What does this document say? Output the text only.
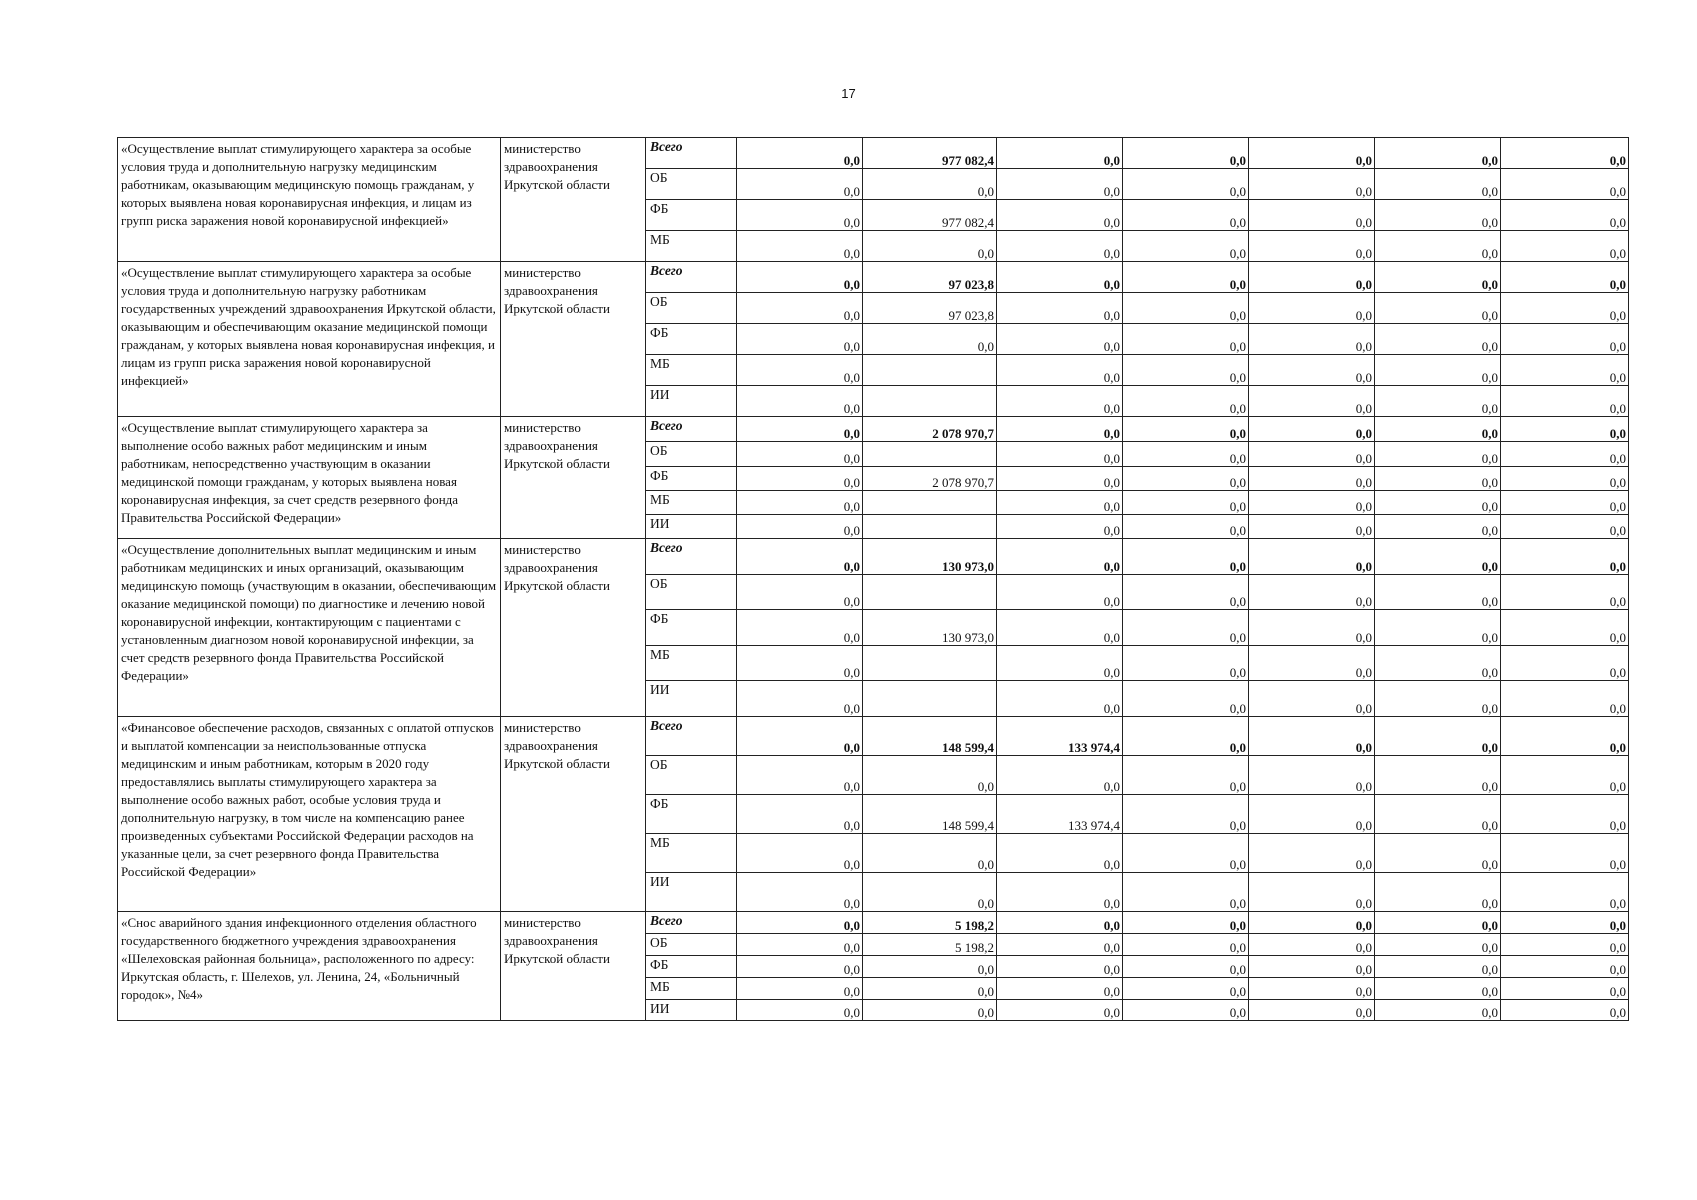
17
«Осуществление выплат стимулирующего характера за особые условия труда и дополнительную нагрузку медицинским работникам, оказывающим медицинскую помощь гражданам, у которых выявлена новая коронавирусная инфекция, и лицам из групп риска заражения новой коронавирусной инфекцией»	министерство здравоохранения Иркутской области	Всего	0,0	977 082,4	0,0	0,0	0,0	0,0	0,0
		ОБ	0,0	0,0	0,0	0,0	0,0	0,0	0,0
		ФБ	0,0	977 082,4	0,0	0,0	0,0	0,0	0,0
		МБ	0,0	0,0	0,0	0,0	0,0	0,0	0,0
«Осуществление выплат стимулирующего характера за особые условия труда и дополнительную нагрузку работникам государственных учреждений здравоохранения Иркутской области, оказывающим и обеспечивающим оказание медицинской помощи гражданам, у которых выявлена новая коронавирусная инфекция, и лицам из групп риска заражения новой коронавирусной инфекцией»	министерство здравоохранения Иркутской области	Всего	0,0	97 023,8	0,0	0,0	0,0	0,0	0,0
		ОБ	0,0	97 023,8	0,0	0,0	0,0	0,0	0,0
		ФБ	0,0	0,0	0,0	0,0	0,0	0,0	0,0
		МБ	0,0		0,0	0,0	0,0	0,0	0,0
		ИИ	0,0		0,0	0,0	0,0	0,0	0,0
«Осуществление выплат стимулирующего характера за выполнение особо важных работ медицинским и иным работникам, непосредственно участвующим в оказании медицинской помощи гражданам, у которых выявлена новая коронавирусная инфекция, за счет средств резервного фонда Правительства Российской Федерации»	министерство здравоохранения Иркутской области	Всего	0,0	2 078 970,7	0,0	0,0	0,0	0,0	0,0
		ОБ	0,0		0,0	0,0	0,0	0,0	0,0
		ФБ	0,0	2 078 970,7	0,0	0,0	0,0	0,0	0,0
		МБ	0,0		0,0	0,0	0,0	0,0	0,0
		ИИ	0,0		0,0	0,0	0,0	0,0	0,0
«Осуществление дополнительных выплат медицинским и иным работникам медицинских и иных организаций, оказывающим медицинскую помощь (участвующим в оказании, обеспечивающим оказание медицинской помощи) по диагностике и лечению новой коронавирусной инфекции, контактирующим с пациентами с установленным диагнозом новой коронавирусной инфекции, за счет средств резервного фонда Правительства Российской Федерации»	министерство здравоохранения Иркутской области	Всего	0,0	130 973,0	0,0	0,0	0,0	0,0	0,0
		ОБ	0,0		0,0	0,0	0,0	0,0	0,0
		ФБ	0,0	130 973,0	0,0	0,0	0,0	0,0	0,0
		МБ	0,0		0,0	0,0	0,0	0,0	0,0
		ИИ	0,0		0,0	0,0	0,0	0,0	0,0
«Финансовое обеспечение расходов, связанных с оплатой отпусков и выплатой компенсации за неиспользованные отпуска медицинским и иным работникам, которым в 2020 году предоставлялись выплаты стимулирующего характера за выполнение особо важных работ, особые условия труда и дополнительную нагрузку, в том числе на компенсацию ранее произведенных субъектами Российской Федерации расходов на указанные цели, за счет резервного фонда Правительства Российской Федерации»	министерство здравоохранения Иркутской области	Всего	0,0	148 599,4	133 974,4	0,0	0,0	0,0	0,0
		ОБ	0,0	0,0	0,0	0,0	0,0	0,0	0,0
		ФБ	0,0	148 599,4	133 974,4	0,0	0,0	0,0	0,0
		МБ	0,0	0,0	0,0	0,0	0,0	0,0	0,0
		ИИ	0,0	0,0	0,0	0,0	0,0	0,0	0,0
«Снос аварийного здания инфекционного отделения областного государственного бюджетного учреждения здравоохранения «Шелеховская районная больница», расположенного по адресу: Иркутская область, г. Шелехов, ул. Ленина, 24, «Больничный городок», №4»	министерство здравоохранения Иркутской области	Всего	0,0	5 198,2	0,0	0,0	0,0	0,0	0,0
		ОБ	0,0	5 198,2	0,0	0,0	0,0	0,0	0,0
		ФБ	0,0	0,0	0,0	0,0	0,0	0,0	0,0
		МБ	0,0	0,0	0,0	0,0	0,0	0,0	0,0
		ИИ	0,0	0,0	0,0	0,0	0,0	0,0	0,0
